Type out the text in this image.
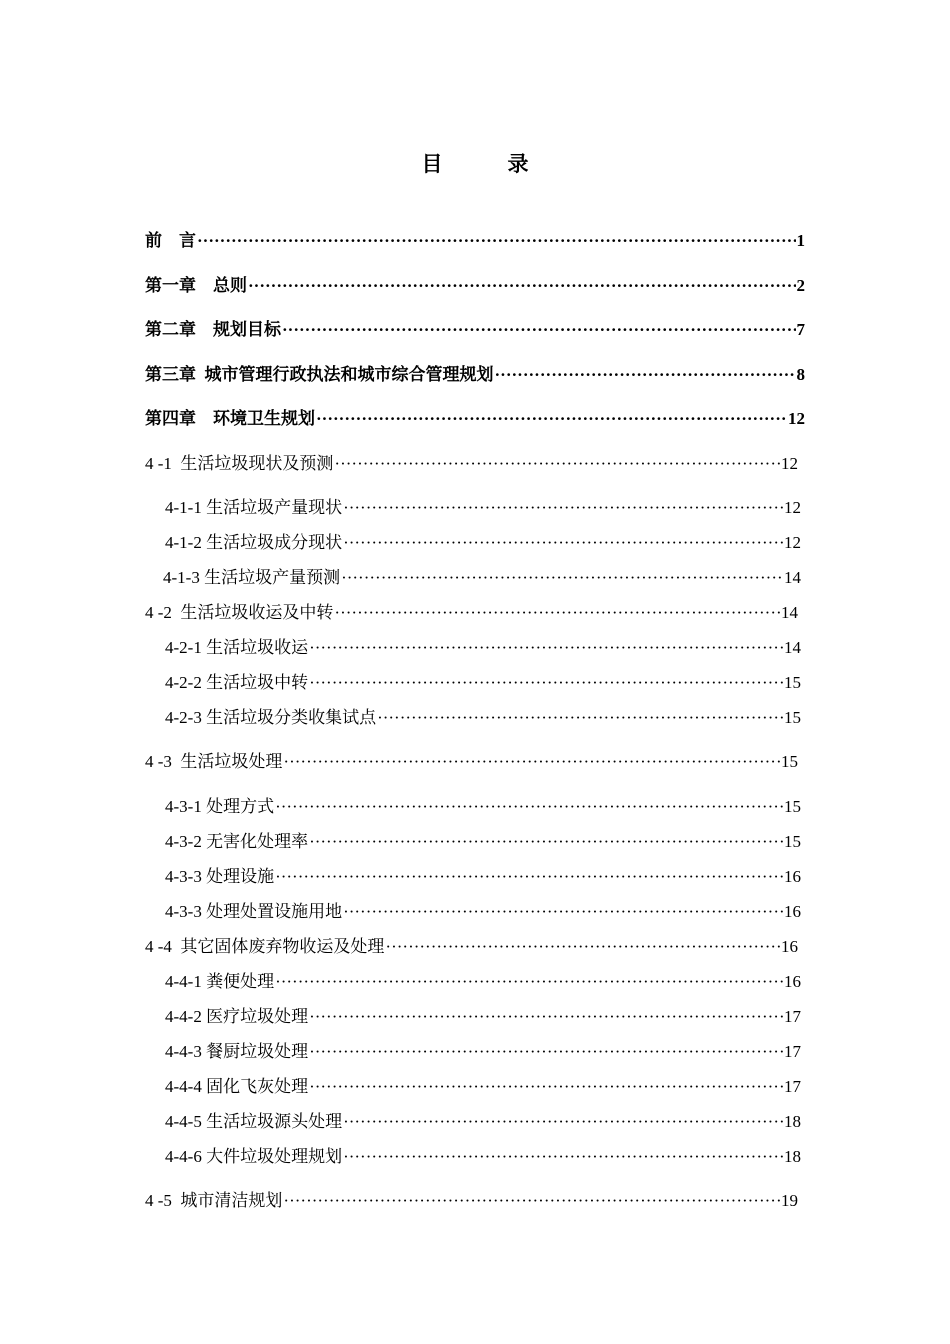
目　录
前　言 ·····	1
第一章　总则 ·····	2
第二章　规划目标 ·····	7
第三章  城市管理行政执法和城市综合管理规划 ·····	8
第四章　环境卫生规划 ·····	12
4 -1  生活垃圾现状及预测 ·····	12
4-1-1 生活垃圾产量现状 ·····	12
4-1-2 生活垃圾成分现状 ·····	12
4-1-3 生活垃圾产量预测 ·····	14
4 -2  生活垃圾收运及中转 ·····	14
4-2-1 生活垃圾收运 ·····	14
4-2-2 生活垃圾中转 ·····	15
4-2-3 生活垃圾分类收集试点 ·····	15
4 -3  生活垃圾处理 ·····	15
4-3-1 处理方式 ·····	15
4-3-2 无害化处理率 ·····	15
4-3-3 处理设施 ·····	16
4-3-3 处理处置设施用地 ·····	16
4 -4  其它固体废弃物收运及处理 ·····	16
4-4-1 粪便处理 ·····	16
4-4-2 医疗垃圾处理 ·····	17
4-4-3 餐厨垃圾处理 ·····	17
4-4-4 固化飞灰处理 ·····	17
4-4-5 生活垃圾源头处理 ·····	18
4-4-6 大件垃圾处理规划 ·····	18
4 -5  城市清洁规划 ·····	19
